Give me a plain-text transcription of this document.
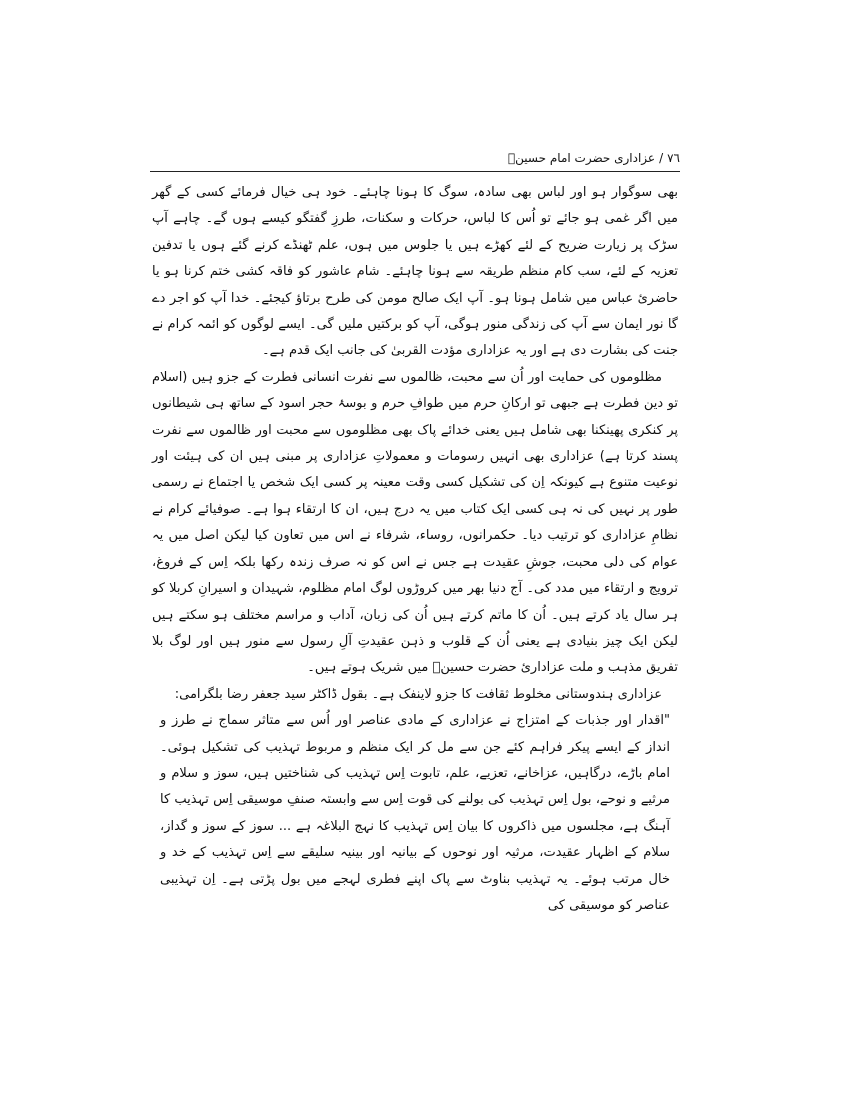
٧٦/عزاداری حضرت امام حسینؑ

بھی سوگوار ہو اور لباس بھی سادہ، سوگ کا ہونا چاہئے۔ خود ہی خیال فرمائے کسی کے گھر میں اگر غمی ہو جائے تو اُس کا لباس، حرکات و سکنات، طرزِ گفتگو کیسے ہوں گے۔ چاہے آپ سڑک پر زیارت ضریح کے لئے کھڑے ہیں یا جلوس میں ہوں، علم ٹھنڈے کرنے گئے ہوں یا تدفین تعزیہ کے لئے، سب کام منظم طریقہ سے ہونا چاہئے۔ شام عاشور کو فاقہ کشی ختم کرنا ہو یا حاضریٔ عباس میں شامل ہونا ہو۔ آپ ایک صالح مومن کی طرح برتاؤ کیجئے۔ خدا آپ کو اجر دے گا نور ایمان سے آپ کی زندگی منور ہوگی، آپ کو برکتیں ملیں گی۔ ایسے لوگوں کو ائمہ کرام نے جنت کی بشارت دی ہے اور یہ عزاداری مؤدت القربیٰ کی جانب ایک قدم ہے۔

مظلوموں کی حمایت اور اُن سے محبت، ظالموں سے نفرت انسانی فطرت کے جزو ہیں (اسلام تو دین فطرت ہے جبھی تو ارکانِ حرم میں طوافِ حرم و بوسۂ حجر اسود کے ساتھ ہی شیطانوں پر کنکری پھینکنا بھی شامل ہیں یعنی خدائے پاک بھی مظلوموں سے محبت اور ظالموں سے نفرت پسند کرتا ہے) عزاداری بھی انہیں رسومات و معمولاتِ عزاداری پر مبنی ہیں ان کی ہیئت اور نوعیت متنوع ہے کیونکہ اِن کی تشکیل کسی وقت معینہ پر کسی ایک شخص یا اجتماع نے رسمی طور پر نہیں کی نہ ہی کسی ایک کتاب میں یہ درج ہیں، ان کا ارتقاء ہوا ہے۔ صوفیائے کرام نے نظامِ عزاداری کو ترتیب دیا۔ حکمرانوں، روساء، شرفاء نے اس میں تعاون کیا لیکن اصل میں یہ عوام کی دلی محبت، جوشِ عقیدت ہے جس نے اس کو نہ صرف زندہ رکھا بلکہ اِس کے فروغ، ترویج و ارتقاء میں مدد کی۔ آج دنیا بھر میں کروڑوں لوگ امام مظلوم، شہیدان و اسیرانِ کربلا کو ہر سال یاد کرتے ہیں۔ اُن کا ماتم کرتے ہیں اُن کی زبان، آداب و مراسم مختلف ہو سکتے ہیں لیکن ایک چیز بنیادی ہے یعنی اُن کے قلوب و ذہن عقیدتِ آلِ رسول سے منور ہیں اور لوگ بلا تفریق مذہب و ملت عزاداریٔ حضرت حسینؑ میں شریک ہوتے ہیں۔

عزاداری ہندوستانی مخلوط ثقافت کا جزو لاینفک ہے۔ بقول ڈاکٹر سید جعفر رضا بلگرامی:

"اقدار اور جذبات کے امتزاج نے عزاداری کے مادی عناصر اور اُس سے متاثر سماج نے طرز و انداز کے ایسے پیکر فراہم کئے جن سے مل کر ایک منظم و مربوط تہذیب کی تشکیل ہوئی۔ امام باڑے، درگاہیں، عزاخانے، تعزیے، علم، تابوت اِس تہذیب کی شناختیں ہیں، سوز و سلام و مرثیے و نوحے، بول اِس تہذیب کی بولنے کی قوت اِس سے وابستہ صنفِ موسیقی اِس تہذیب کا آہنگ ہے، مجلسوں میں ذاکروں کا بیان اِس تہذیب کا نہج البلاغہ ہے ... سوز کے سوز و گداز، سلام کے اظہار عقیدت، مرثیہ اور نوحوں کے بیانیہ اور بینیہ سلیقے سے اِس تہذیب کے خد و خال مرتب ہوئے۔ یہ تہذیب بناوٹ سے پاک اپنے فطری لہجے میں بول پڑتی ہے۔ اِن تہذیبی عناصر کو موسیقی کی
